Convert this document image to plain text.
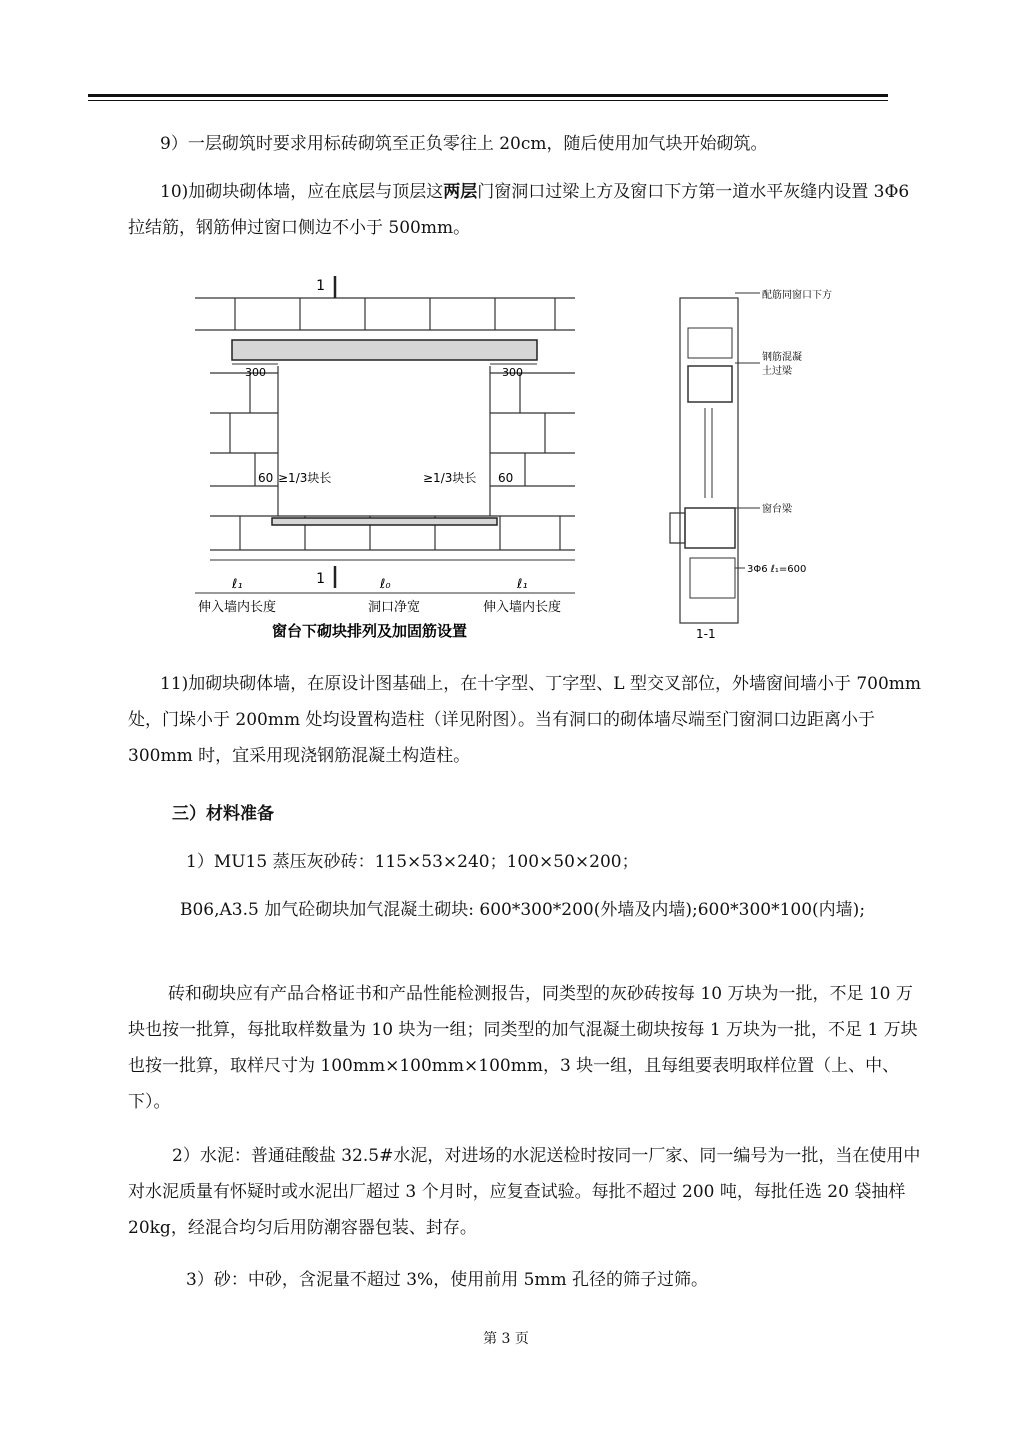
9）一层砌筑时要求用标砖砌筑至正负零往上 20cm，随后使用加气块开始砌筑。

10)加砌块砌体墙，应在底层与顶层这两层门窗洞口过梁上方及窗口下方第一道水平灰缝内设置 3Φ6 拉结筋，钢筋伸过窗口侧边不小于 500mm。

1
1
300	300
60 ≥1/3块长	≥1/3块长 60
ℓ₁	ℓ₀	ℓ₁
伸入墙内长度	洞口净宽	伸入墙内长度
窗台下砌块排列及加固筋设置
配筋同窗口下方
钢筋混凝
土过梁
窗台梁
3Φ6 ℓ₁=600
1-1

11)加砌块砌体墙，在原设计图基础上，在十字型、丁字型、L 型交叉部位，外墙窗间墙小于 700mm 处，门垛小于 200mm 处均设置构造柱（详见附图）。当有洞口的砌体墙尽端至门窗洞口边距离小于 300mm 时，宜采用现浇钢筋混凝土构造柱。

三）材料准备

1）MU15 蒸压灰砂砖：115×53×240；100×50×200；

B06,A3.5 加气砼砌块加气混凝土砌块: 600*300*200(外墙及内墙);600*300*100(内墙);

砖和砌块应有产品合格证书和产品性能检测报告，同类型的灰砂砖按每 10 万块为一批，不足 10 万块也按一批算，每批取样数量为 10 块为一组；同类型的加气混凝土砌块按每 1 万块为一批，不足 1 万块也按一批算，取样尺寸为 100mm×100mm×100mm，3 块一组，且每组要表明取样位置（上、中、下）。

2）水泥：普通硅酸盐 32.5#水泥，对进场的水泥送检时按同一厂家、同一编号为一批，当在使用中对水泥质量有怀疑时或水泥出厂超过 3 个月时，应复查试验。每批不超过 200 吨，每批任选 20 袋抽样 20kg，经混合均匀后用防潮容器包装、封存。

3）砂：中砂，含泥量不超过 3%，使用前用 5mm 孔径的筛子过筛。

第 3 页
